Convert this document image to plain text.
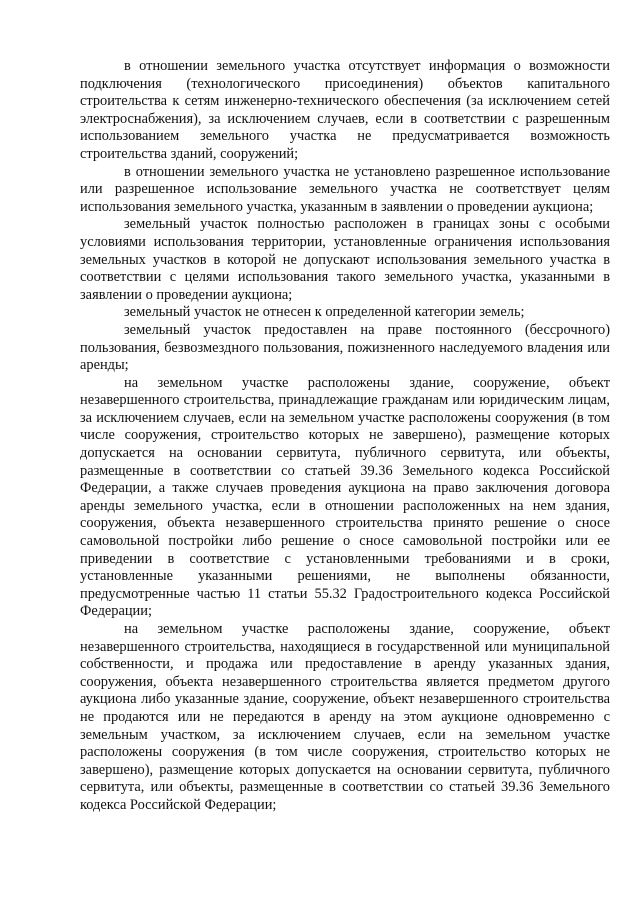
в отношении земельного участка отсутствует информация о возможности подключения (технологического присоединения) объектов капитального строительства к сетям инженерно-технического обеспечения (за исключением сетей электроснабжения), за исключением случаев, если в соответствии с разрешенным использованием земельного участка не предусматривается возможность строительства зданий, сооружений;

в отношении земельного участка не установлено разрешенное использование или разрешенное использование земельного участка не соответствует целям использования земельного участка, указанным в заявлении о проведении аукциона;

земельный участок полностью расположен в границах зоны с особыми условиями использования территории, установленные ограничения использования земельных участков в которой не допускают использования земельного участка в соответствии с целями использования такого земельного участка, указанными в заявлении о проведении аукциона;

земельный участок не отнесен к определенной категории земель;

земельный участок предоставлен на праве постоянного (бессрочного) пользования, безвозмездного пользования, пожизненного наследуемого владения или аренды;

на земельном участке расположены здание, сооружение, объект незавершенного строительства, принадлежащие гражданам или юридическим лицам, за исключением случаев, если на земельном участке расположены сооружения (в том числе сооружения, строительство которых не завершено), размещение которых допускается на основании сервитута, публичного сервитута, или объекты, размещенные в соответствии со статьей 39.36 Земельного кодекса Российской Федерации, а также случаев проведения аукциона на право заключения договора аренды земельного участка, если в отношении расположенных на нем здания, сооружения, объекта незавершенного строительства принято решение о сносе самовольной постройки либо решение о сносе самовольной постройки или ее приведении в соответствие с установленными требованиями и в сроки, установленные указанными решениями, не выполнены обязанности, предусмотренные частью 11 статьи 55.32 Градостроительного кодекса Российской Федерации;

на земельном участке расположены здание, сооружение, объект незавершенного строительства, находящиеся в государственной или муниципальной собственности, и продажа или предоставление в аренду указанных здания, сооружения, объекта незавершенного строительства является предметом другого аукциона либо указанные здание, сооружение, объект незавершенного строительства не продаются или не передаются в аренду на этом аукционе одновременно с земельным участком, за исключением случаев, если на земельном участке расположены сооружения (в том числе сооружения, строительство которых не завершено), размещение которых допускается на основании сервитута, публичного сервитута, или объекты, размещенные в соответствии со статьей 39.36 Земельного кодекса Российской Федерации;
